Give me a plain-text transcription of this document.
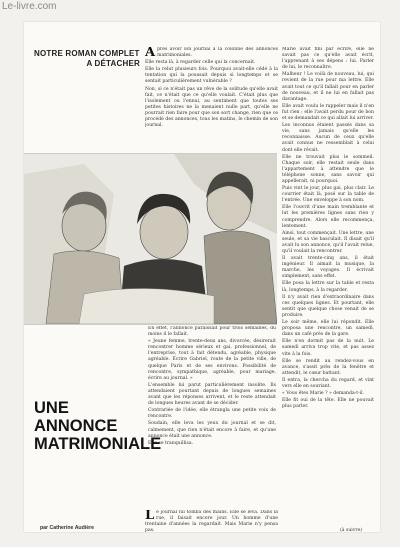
Le-livre.com
NOTRE ROMAN COMPLET
A DÉTACHER

Après avoir lon journal à la colonne des annonces matrimoniales.

Elle resta là, à regarder celle qui la concernait.

Elle la relut plusieurs fois. Pourquoi avait-elle cédé à la tentation qui la poussait depuis si longtemps et se sentait particulièrement vulnérable ?

Non, si ce n'était pas un rêve de la solitude qu'elle avait fait, ce n'était que ce qu'elle voulait. C'était plus que l'isolement ou l'ennui, au sentiment que toutes ses petites histoires ne la menaient nulle part, qu'elle ne pourrait rien faire pour que son sort change, rien que ce procédé des annonces, tous les matins, le chemin de son journal.

Marie avait fini par écrire, elle ne savait pas ce qu'elle avait écrit, l'apprenant à ses dépens : lui. Parler de lui, le reconnaître.

Malheur ! Le voilà de nouveau, lui, qui revient de la rue pour ma lettre. Elle avait tout ce qu'il fallait pour en parler de nouveau, et il ne lui en fallait pas davantage.

Elle avait voulu le rappeler mais il n'en fut rien : elle l'avait perdu pour de bon et se demandait ce qui allait lui arriver.

Les inconnus étaient passés dans sa vie, sans jamais qu'elle les reconnaisse. Aucun de ceux qu'elle avait connus ne ressemblait à celui dont elle rêvait.

Elle ne trouvait plus le sommeil. Chaque soir, elle restait seule dans l'appartement à attendre que le téléphone sonne, sans savoir qui appellerait, ni pourquoi.

Puis vint le jour, plus gai, plus clair. Le courrier était là, posé sur la table de l'entrée. Une enveloppe à son nom.

Elle l'ouvrit d'une main tremblante et lut les premières lignes sans rien y comprendre. Alors elle recommença, lentement.

Ainsi, tout commençait. Une lettre, une seule, et sa vie basculait. Il disait qu'il avait lu son annonce, qu'il l'avait relue, qu'il voulait la rencontrer.

Il avait trente-cinq ans, il était ingénieur. Il aimait la musique, la marche, les voyages. Il écrivait simplement, sans effet.

Elle posa la lettre sur la table et resta là, longtemps, à la regarder.

Il n'y avait rien d'extraordinaire dans ces quelques lignes. Et pourtant, elle sentit que quelque chose venait de se produire.

Le soir même, elle lui répondit. Elle proposa une rencontre, un samedi, dans un café près de la gare.

Elle n'en dormit pas de la nuit. Le samedi arriva trop vite, et pas assez vite à la fois.

Elle se rendit au rendez-vous en avance, s'assit près de la fenêtre et attendit, le cœur battant.

Il entra, la chercha du regard, et vint vers elle en souriant.

« Vous êtes Marie ? » demanda-t-il.

Elle fit oui de la tête. Elle ne pouvait plus parler.

En effet, l'annonce paraissait pour trois semaines, du moins il le fallait.

« Jeune femme, trente-deux ans, divorcée, désirerait rencontrer homme sérieux et gai, professionnel, de l'entreprise, tout à fait détendu, agréable, physique agréable. Écrire Gabriel, route de la petite ville, de quelque Paris et de ses environs. Possibilité de rencontre, sympathique, agréable, pour mariage, écrire au journal. »

L'ensemble lui parut particulièrement insolite. Ils attendaient pourtant depuis de longues semaines avant que les réponses arrivent, et le reste attendait de longues heures avant de se décider.

Contrariée de l'idée, elle étrangla une petite voix de rencontre.

Soudain, elle leva les yeux du journal et se dit, calmement, que rien n'était encore à faire, et qu'une annonce était une annonce.

Elle se tranquillisa.

UNE
ANNONCE
MATRIMONIALE

Le journal lui tomba des mains. Elle se leva. Dans la rue, il faisait encore jour. Un homme d'une trentaine d'années la regardait. Mais Marie n'y pensa pas.

par Catherine Audière	(à suivre)
